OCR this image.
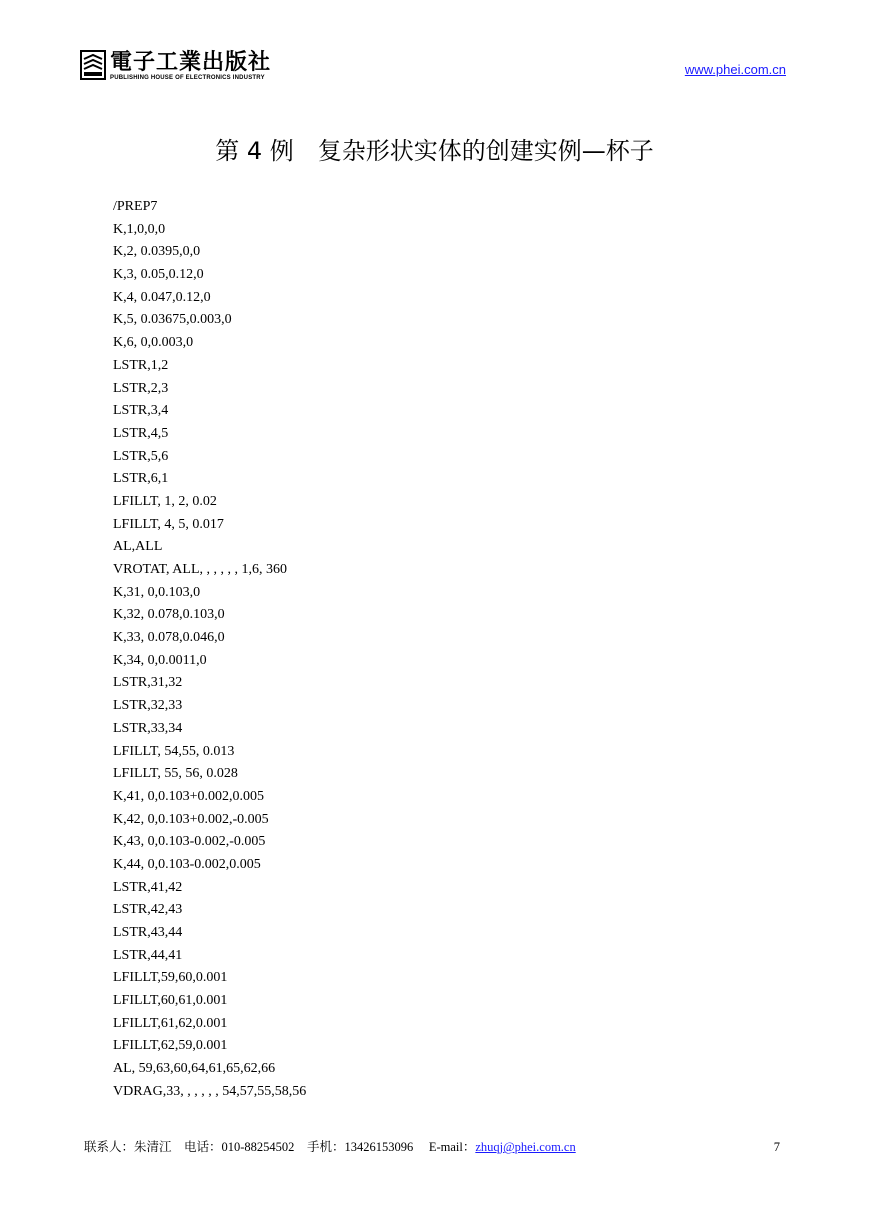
電子工業出版社
PUBLISHING HOUSE OF ELECTRONICS INDUSTRY
www.phei.com.cn
第 4 例　复杂形状实体的创建实例—杯子
/PREP7
K,1,0,0,0
K,2, 0.0395,0,0
K,3, 0.05,0.12,0
K,4, 0.047,0.12,0
K,5, 0.03675,0.003,0
K,6, 0,0.003,0
LSTR,1,2
LSTR,2,3
LSTR,3,4
LSTR,4,5
LSTR,5,6
LSTR,6,1
LFILLT, 1, 2, 0.02
LFILLT, 4, 5, 0.017
AL,ALL
VROTAT, ALL, , , , , , 1,6, 360
K,31, 0,0.103,0
K,32, 0.078,0.103,0
K,33, 0.078,0.046,0
K,34, 0,0.0011,0
LSTR,31,32
LSTR,32,33
LSTR,33,34
LFILLT, 54,55, 0.013
LFILLT, 55, 56, 0.028
K,41, 0,0.103+0.002,0.005
K,42, 0,0.103+0.002,-0.005
K,43, 0,0.103-0.002,-0.005
K,44, 0,0.103-0.002,0.005
LSTR,41,42
LSTR,42,43
LSTR,43,44
LSTR,44,41
LFILLT,59,60,0.001
LFILLT,60,61,0.001
LFILLT,61,62,0.001
LFILLT,62,59,0.001
AL, 59,63,60,64,61,65,62,66
VDRAG,33, , , , , , 54,57,55,58,56
联系人：朱清江 电话：010-88254502 手机：13426153096 E-mail：zhuqj@phei.com.cn	7
